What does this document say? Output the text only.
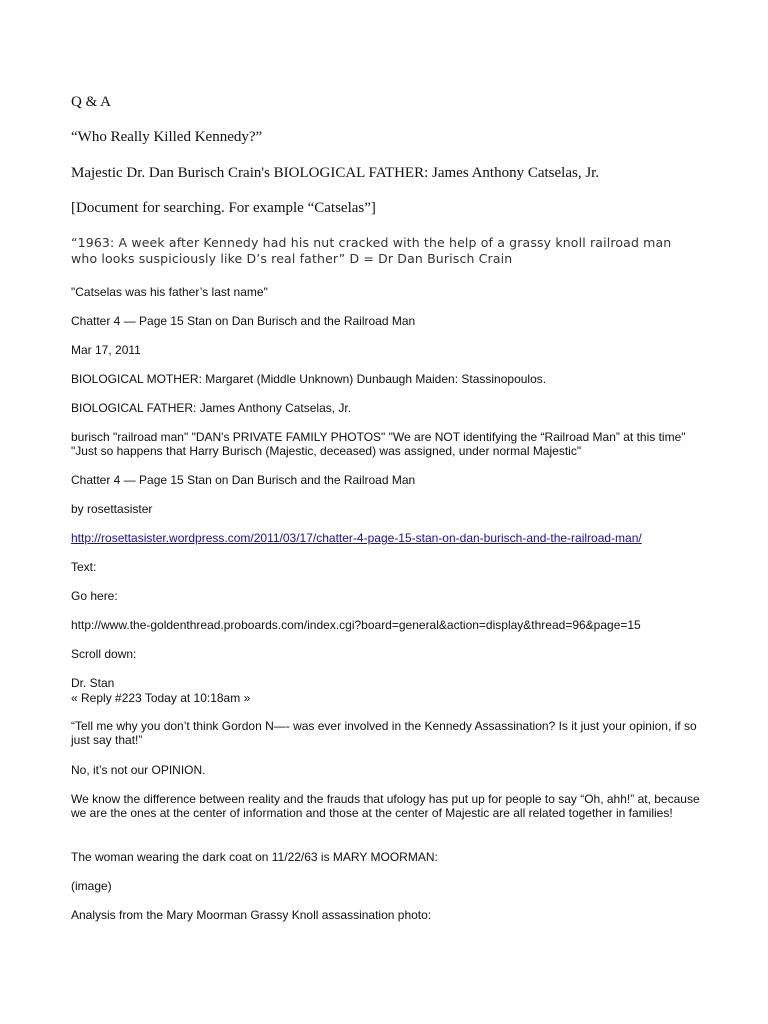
Q & A

“Who Really Killed Kennedy?”

Majestic Dr. Dan Burisch Crain's BIOLOGICAL FATHER: James Anthony Catselas, Jr.

[Document for searching. For example “Catselas”]

“1963: A week after Kennedy had his nut cracked with the help of a grassy knoll railroad man who looks suspiciously like D’s real father” D = Dr Dan Burisch Crain

"Catselas was his father’s last name"

Chatter 4 — Page 15 Stan on Dan Burisch and the Railroad Man

Mar 17, 2011

BIOLOGICAL MOTHER: Margaret (Middle Unknown) Dunbaugh Maiden: Stassinopoulos.

BIOLOGICAL FATHER: James Anthony Catselas, Jr.

burisch "railroad man" "DAN's PRIVATE FAMILY PHOTOS" "We are NOT identifying the “Railroad Man” at this time" "Just so happens that Harry Burisch (Majestic, deceased) was assigned, under normal Majestic"

Chatter 4 — Page 15 Stan on Dan Burisch and the Railroad Man

by rosettasister

http://rosettasister.wordpress.com/2011/03/17/chatter-4-page-15-stan-on-dan-burisch-and-the-railroad-man/

Text:

Go here:

http://www.the-goldenthread.proboards.com/index.cgi?board=general&action=display&thread=96&page=15

Scroll down:

Dr. Stan
« Reply #223 Today at 10:18am »

“Tell me why you don’t think Gordon N—- was ever involved in the Kennedy Assassination? Is it just your opinion, if so just say that!”

No, it’s not our OPINION.

We know the difference between reality and the frauds that ufology has put up for people to say “Oh, ahh!” at, because we are the ones at the center of information and those at the center of Majestic are all related together in families!

The woman wearing the dark coat on 11/22/63 is MARY MOORMAN:

(image)

Analysis from the Mary Moorman Grassy Knoll assassination photo:
